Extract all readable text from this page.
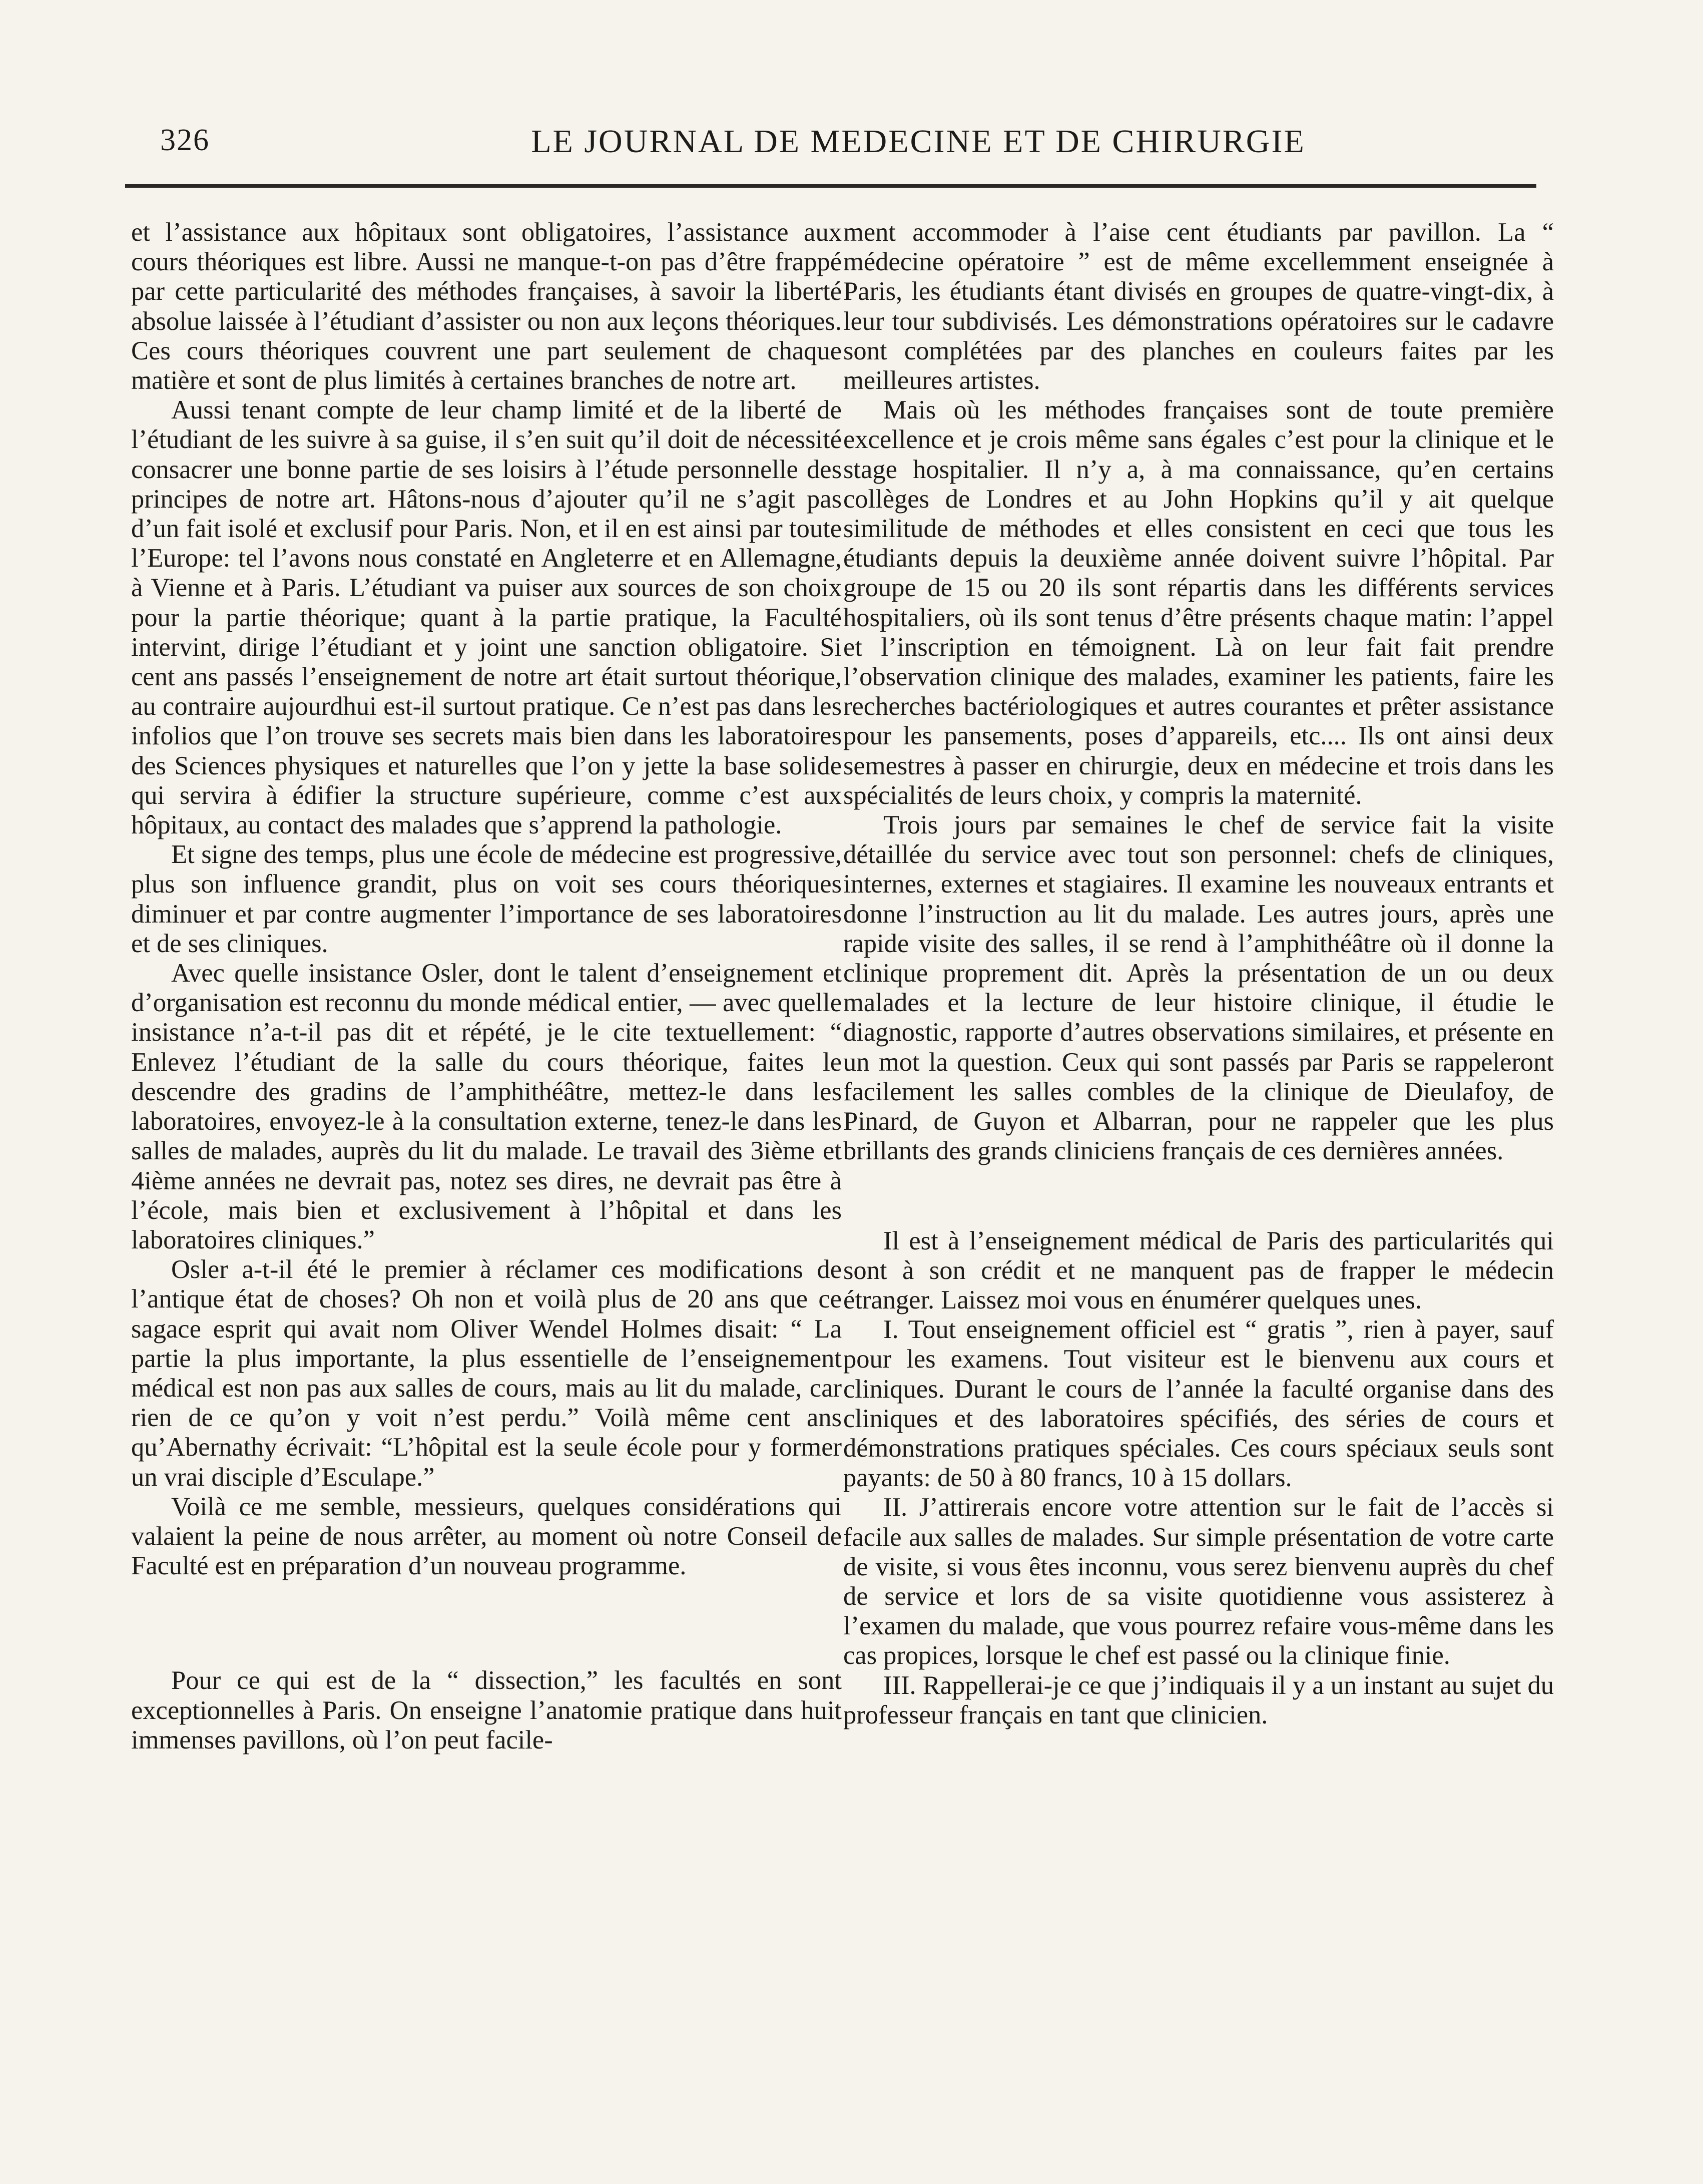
326	LE JOURNAL DE MEDECINE ET DE CHIRURGIE

et l’assistance aux hôpitaux sont obligatoires, l’assistance aux cours théoriques est libre. Aussi ne manque-t-on pas d’être frappé par cette particularité des méthodes françaises, à savoir la liberté absolue laissée à l’étudiant d’assister ou non aux leçons théoriques. Ces cours théoriques couvrent une part seulement de chaque matière et sont de plus limités à certaines branches de notre art.

Aussi tenant compte de leur champ limité et de la liberté de l’étudiant de les suivre à sa guise, il s’en suit qu’il doit de nécessité consacrer une bonne partie de ses loisirs à l’étude personnelle des principes de notre art. Hâtons-nous d’ajouter qu’il ne s’agit pas d’un fait isolé et exclusif pour Paris. Non, et il en est ainsi par toute l’Europe: tel l’avons nous constaté en Angleterre et en Allemagne, à Vienne et à Paris. L’étudiant va puiser aux sources de son choix pour la partie théorique; quant à la partie pratique, la Faculté intervint, dirige l’étudiant et y joint une sanction obligatoire. Si cent ans passés l’enseignement de notre art était surtout théorique, au contraire aujourdhui est-il surtout pratique. Ce n’est pas dans les infolios que l’on trouve ses secrets mais bien dans les laboratoires des Sciences physiques et naturelles que l’on y jette la base solide qui servira à édifier la structure supérieure, comme c’est aux hôpitaux, au contact des malades que s’apprend la pathologie.

Et signe des temps, plus une école de médecine est progressive, plus son influence grandit, plus on voit ses cours théoriques diminuer et par contre augmenter l’importance de ses laboratoires et de ses cliniques.

Avec quelle insistance Osler, dont le talent d’enseignement et d’organisation est reconnu du monde médical entier, — avec quelle insistance n’a-t-il pas dit et répété, je le cite textuellement: “ Enlevez l’étudiant de la salle du cours théorique, faites le descendre des gradins de l’amphithéâtre, mettez-le dans les laboratoires, envoyez-le à la consultation externe, tenez-le dans les salles de malades, auprès du lit du malade. Le travail des 3ième et 4ième années ne devrait pas, notez ses dires, ne devrait pas être à l’école, mais bien et exclusivement à l’hôpital et dans les laboratoires cliniques.”

Osler a-t-il été le premier à réclamer ces modifications de l’antique état de choses? Oh non et voilà plus de 20 ans que ce sagace esprit qui avait nom Oliver Wendel Holmes disait: “ La partie la plus importante, la plus essentielle de l’enseignement médical est non pas aux salles de cours, mais au lit du malade, car rien de ce qu’on y voit n’est perdu.” Voilà même cent ans qu’Abernathy écrivait: “L’hôpital est la seule école pour y former un vrai disciple d’Esculape.”

Voilà ce me semble, messieurs, quelques considérations qui valaient la peine de nous arrêter, au moment où notre Conseil de Faculté est en préparation d’un nouveau programme.

Pour ce qui est de la “ dissection,” les facultés en sont exceptionnelles à Paris. On enseigne l’anatomie pratique dans huit immenses pavillons, où l’on peut facile-

ment accommoder à l’aise cent étudiants par pavillon. La “ médecine opératoire ” est de même excellemment enseignée à Paris, les étudiants étant divisés en groupes de quatre-vingt-dix, à leur tour subdivisés. Les démonstrations opératoires sur le cadavre sont complétées par des planches en couleurs faites par les meilleures artistes.

Mais où les méthodes françaises sont de toute première excellence et je crois même sans égales c’est pour la clinique et le stage hospitalier. Il n’y a, à ma connaissance, qu’en certains collèges de Londres et au John Hopkins qu’il y ait quelque similitude de méthodes et elles consistent en ceci que tous les étudiants depuis la deuxième année doivent suivre l’hôpital. Par groupe de 15 ou 20 ils sont répartis dans les différents services hospitaliers, où ils sont tenus d’être présents chaque matin: l’appel et l’inscription en témoignent. Là on leur fait fait prendre l’observation clinique des malades, examiner les patients, faire les recherches bactériologiques et autres courantes et prêter assistance pour les pansements, poses d’appareils, etc.... Ils ont ainsi deux semestres à passer en chirurgie, deux en médecine et trois dans les spécialités de leurs choix, y compris la maternité.

Trois jours par semaines le chef de service fait la visite détaillée du service avec tout son personnel: chefs de cliniques, internes, externes et stagiaires. Il examine les nouveaux entrants et donne l’instruction au lit du malade. Les autres jours, après une rapide visite des salles, il se rend à l’amphithéâtre où il donne la clinique proprement dit. Après la présentation de un ou deux malades et la lecture de leur histoire clinique, il étudie le diagnostic, rapporte d’autres observations similaires, et présente en un mot la question. Ceux qui sont passés par Paris se rappeleront facilement les salles combles de la clinique de Dieulafoy, de Pinard, de Guyon et Albarran, pour ne rappeler que les plus brillants des grands cliniciens français de ces dernières années.

Il est à l’enseignement médical de Paris des particularités qui sont à son crédit et ne manquent pas de frapper le médecin étranger. Laissez moi vous en énumérer quelques unes.

I. Tout enseignement officiel est “ gratis ”, rien à payer, sauf pour les examens. Tout visiteur est le bienvenu aux cours et cliniques. Durant le cours de l’année la faculté organise dans des cliniques et des laboratoires spécifiés, des séries de cours et démonstrations pratiques spéciales. Ces cours spéciaux seuls sont payants: de 50 à 80 francs, 10 à 15 dollars.

II. J’attirerais encore votre attention sur le fait de l’accès si facile aux salles de malades. Sur simple présentation de votre carte de visite, si vous êtes inconnu, vous serez bienvenu auprès du chef de service et lors de sa visite quotidienne vous assisterez à l’examen du malade, que vous pourrez refaire vous-même dans les cas propices, lorsque le chef est passé ou la clinique finie.

III. Rappellerai-je ce que j’indiquais il y a un instant au sujet du professeur français en tant que clinicien.
